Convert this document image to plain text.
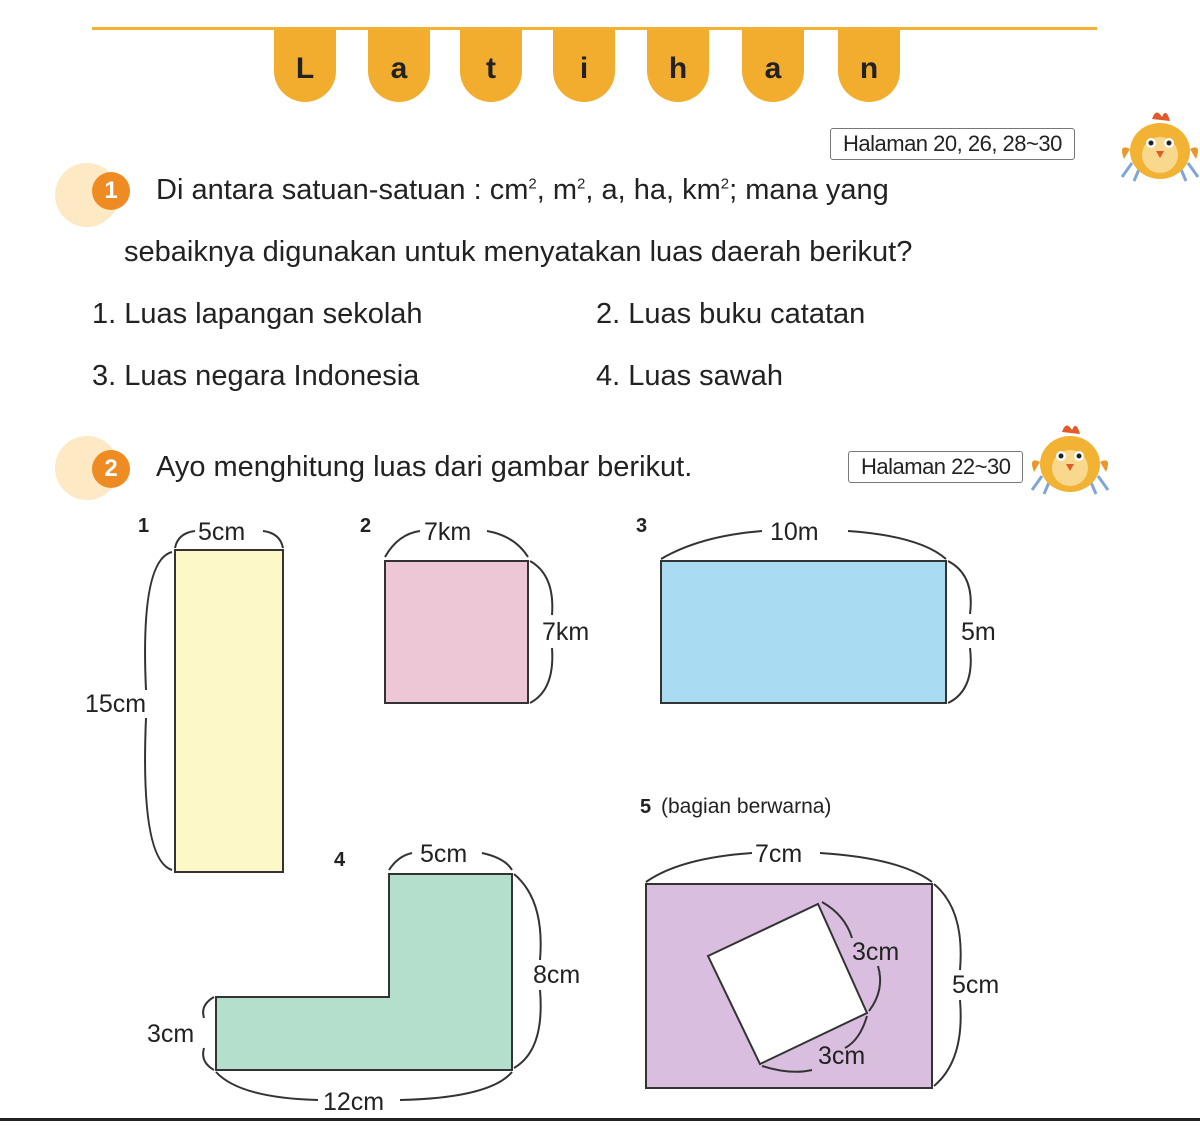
L	a	t	i	h	a	n
Halaman 20, 26, 28~30
1	Di antara satuan-satuan : $cm^2$, $m^2$, a, ha, $km^2$; mana yang
sebaiknya digunakan untuk menyatakan luas daerah berikut?
1. Luas lapangan sekolah	2. Luas buku catatan
3. Luas negara Indonesia	4. Luas sawah
2	Ayo menghitung luas dari gambar berikut.	Halaman 22~30
1	2	3
4
5 (bagian berwarna)
5cm
15cm
7km
7km
10m
5m
5cm
8cm
3cm
12cm
7cm
5cm
3cm
3cm
